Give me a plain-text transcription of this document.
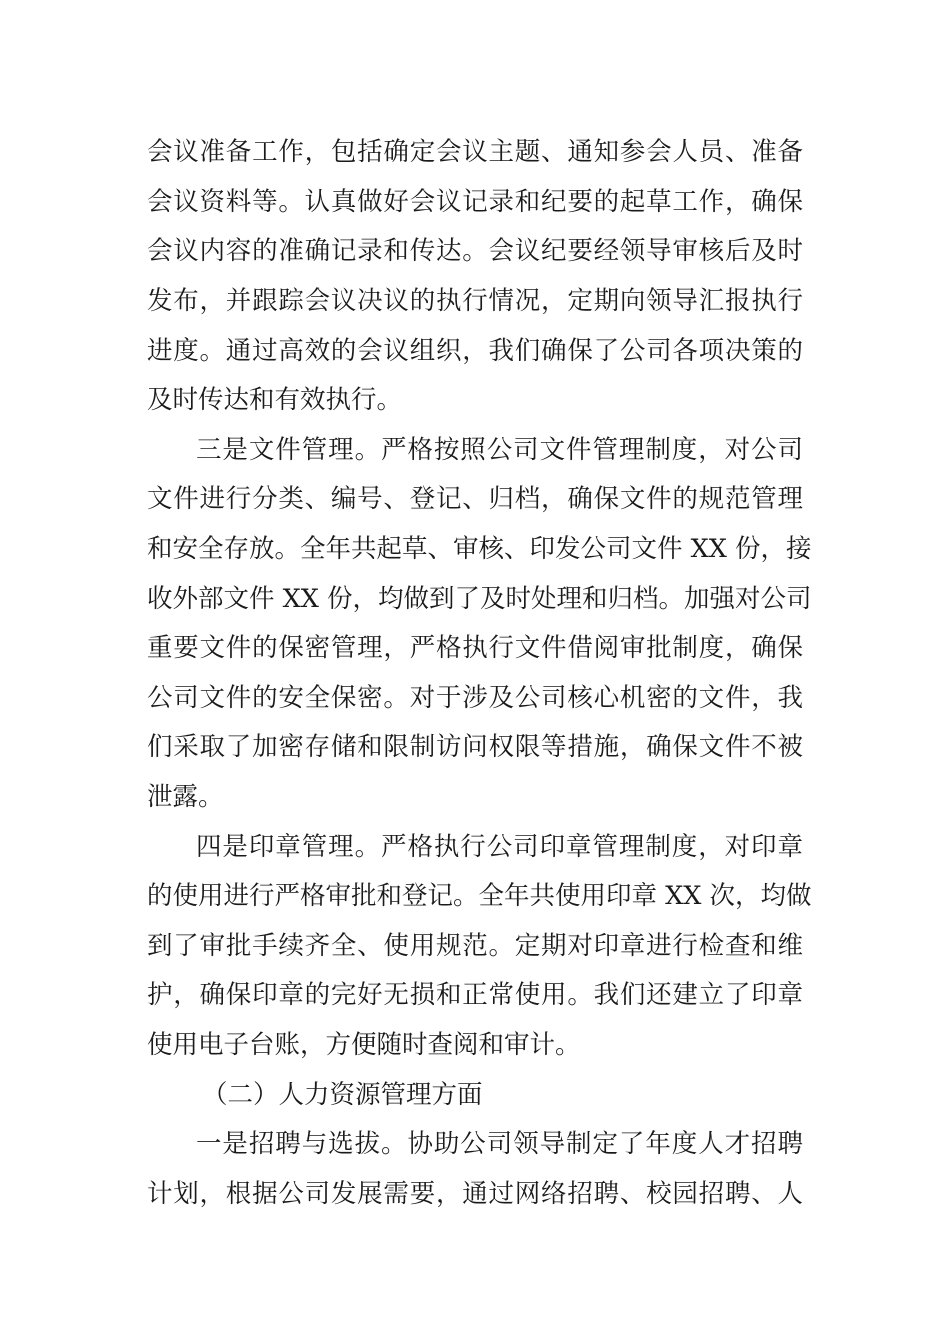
会议准备工作，包括确定会议主题、通知参会人员、准备
会议资料等。认真做好会议记录和纪要的起草工作，确保
会议内容的准确记录和传达。会议纪要经领导审核后及时
发布，并跟踪会议决议的执行情况，定期向领导汇报执行
进度。通过高效的会议组织，我们确保了公司各项决策的
及时传达和有效执行。
三是文件管理。严格按照公司文件管理制度，对公司
文件进行分类、编号、登记、归档，确保文件的规范管理
和安全存放。全年共起草、审核、印发公司文件 XX 份，接
收外部文件 XX 份，均做到了及时处理和归档。加强对公司
重要文件的保密管理，严格执行文件借阅审批制度，确保
公司文件的安全保密。对于涉及公司核心机密的文件，我
们采取了加密存储和限制访问权限等措施，确保文件不被
泄露。
四是印章管理。严格执行公司印章管理制度，对印章
的使用进行严格审批和登记。全年共使用印章 XX 次，均做
到了审批手续齐全、使用规范。定期对印章进行检查和维
护，确保印章的完好无损和正常使用。我们还建立了印章
使用电子台账，方便随时查阅和审计。
（二）人力资源管理方面
一是招聘与选拔。协助公司领导制定了年度人才招聘
计划，根据公司发展需要，通过网络招聘、校园招聘、人
